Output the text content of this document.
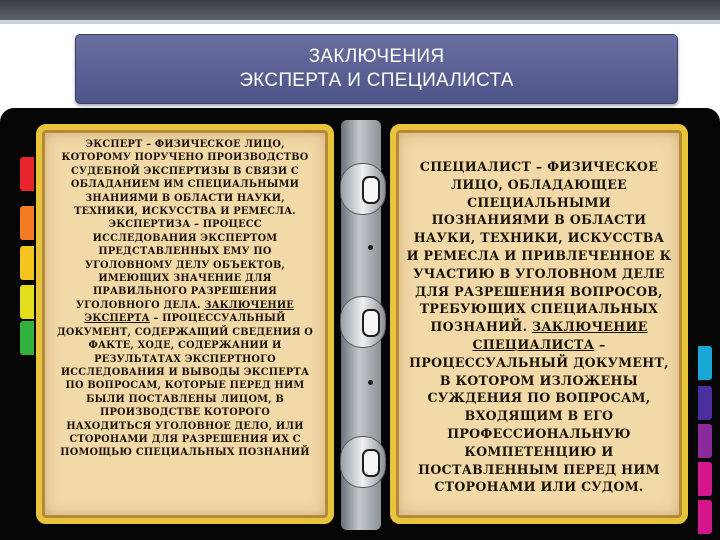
ЗАКЛЮЧЕНИЯ
ЭКСПЕРТА И СПЕЦИАЛИСТА
ЭКСПЕРТ – ФИЗИЧЕСКОЕ ЛИЦО, КОТОРОМУ ПОРУЧЕНО ПРОИЗВОДСТВО СУДЕБНОЙ ЭКСПЕРТИЗЫ В СВЯЗИ С ОБЛАДАНИЕМ ИМ СПЕЦИАЛЬНЫМИ ЗНАНИЯМИ В ОБЛАСТИ НАУКИ, ТЕХНИКИ, ИСКУССТВА И РЕМЕСЛА. ЭКСПЕРТИЗА – ПРОЦЕСС ИССЛЕДОВАНИЯ ЭКСПЕРТОМ ПРЕДСТАВЛЕННЫХ ЕМУ ПО УГОЛОВНОМУ ДЕЛУ ОБЪЕКТОВ, ИМЕЮЩИХ ЗНАЧЕНИЕ ДЛЯ ПРАВИЛЬНОГО РАЗРЕШЕНИЯ УГОЛОВНОГО ДЕЛА. ЗАКЛЮЧЕНИЕ ЭКСПЕРТА – ПРОЦЕССУАЛЬНЫЙ ДОКУМЕНТ, СОДЕРЖАЩИЙ СВЕДЕНИЯ О ФАКТЕ, ХОДЕ, СОДЕРЖАНИИ И РЕЗУЛЬТАТАХ ЭКСПЕРТНОГО ИССЛЕДОВАНИЯ И ВЫВОДЫ ЭКСПЕРТА ПО ВОПРОСАМ, КОТОРЫЕ ПЕРЕД НИМ БЫЛИ ПОСТАВЛЕНЫ ЛИЦОМ, В ПРОИЗВОДСТВЕ КОТОРОГО НАХОДИТЬСЯ УГОЛОВНОЕ ДЕЛО, ИЛИ СТОРОНАМИ ДЛЯ РАЗРЕШЕНИЯ ИХ С ПОМОЩЬЮ СПЕЦИАЛЬНЫХ ПОЗНАНИЙ
СПЕЦИАЛИСТ – ФИЗИЧЕСКОЕ ЛИЦО, ОБЛАДАЮЩЕЕ СПЕЦИАЛЬНЫМИ ПОЗНАНИЯМИ В ОБЛАСТИ НАУКИ, ТЕХНИКИ, ИСКУССТВА И РЕМЕСЛА И ПРИВЛЕЧЕННОЕ К УЧАСТИЮ В УГОЛОВНОМ ДЕЛЕ ДЛЯ РАЗРЕШЕНИЯ ВОПРОСОВ, ТРЕБУЮЩИХ СПЕЦИАЛЬНЫХ ПОЗНАНИЙ. ЗАКЛЮЧЕНИЕ СПЕЦИАЛИСТА – ПРОЦЕССУАЛЬНЫЙ ДОКУМЕНТ, В КОТОРОМ ИЗЛОЖЕНЫ СУЖДЕНИЯ ПО ВОПРОСАМ, ВХОДЯЩИМ В ЕГО ПРОФЕССИОНАЛЬНУЮ КОМПЕТЕНЦИЮ И ПОСТАВЛЕННЫМ ПЕРЕД НИМ СТОРОНАМИ ИЛИ СУДОМ.
